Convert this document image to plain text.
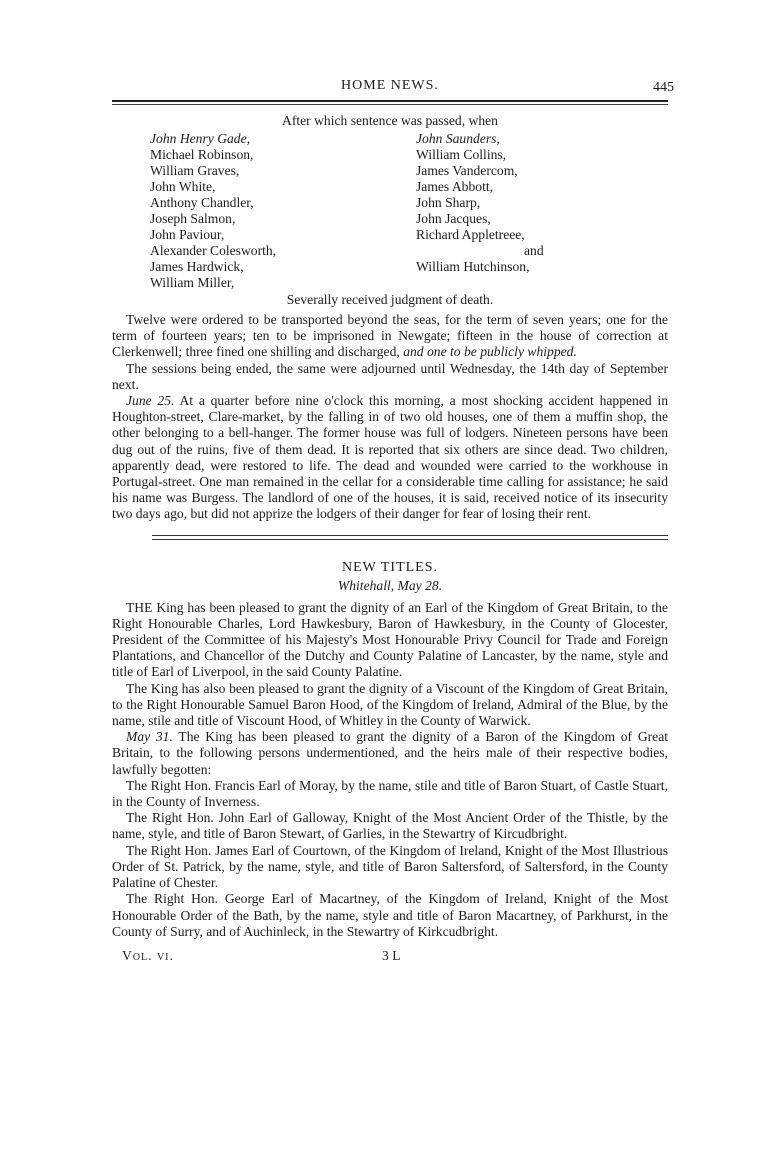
HOME NEWS.	445
After which sentence was passed, when
John Henry Gade,
Michael Robinson,
William Graves,
John White,
Anthony Chandler,
Joseph Salmon,
John Paviour,
Alexander Colesworth,
James Hardwick,
William Miller,
John Saunders,
William Collins,
James Vandercom,
James Abbott,
John Sharp,
John Jacques,
Richard Appletreee,
and
William Hutchinson,
Severally received judgment of death.

Twelve were ordered to be transported beyond the seas, for the term of seven years; one for the term of fourteen years; ten to be imprisoned in Newgate; fifteen in the house of correction at Clerkenwell; three fined one shilling and discharged, and one to be publicly whipped.

The sessions being ended, the same were adjourned until Wednesday, the 14th day of September next.

June 25. At a quarter before nine o'clock this morning, a most shocking accident happened in Houghton-street, Clare-market, by the falling in of two old houses, one of them a muffin shop, the other belonging to a bell-hanger. The former house was full of lodgers. Nineteen persons have been dug out of the ruins, five of them dead. It is reported that six others are since dead. Two children, apparently dead, were restored to life. The dead and wounded were carried to the workhouse in Portugal-street. One man remained in the cellar for a considerable time calling for assistance; he said his name was Burgess. The landlord of one of the houses, it is said, received notice of its insecurity two days ago, but did not apprize the lodgers of their danger for fear of losing their rent.

NEW TITLES.
Whitehall, May 28.

THE King has been pleased to grant the dignity of an Earl of the Kingdom of Great Britain, to the Right Honourable Charles, Lord Hawkesbury, Baron of Hawkesbury, in the County of Glocester, President of the Committee of his Majesty's Most Honourable Privy Council for Trade and Foreign Plantations, and Chancellor of the Dutchy and County Palatine of Lancaster, by the name, style and title of Earl of Liverpool, in the said County Palatine.

The King has also been pleased to grant the dignity of a Viscount of the Kingdom of Great Britain, to the Right Honourable Samuel Baron Hood, of the Kingdom of Ireland, Admiral of the Blue, by the name, stile and title of Viscount Hood, of Whitley in the County of Warwick.

May 31. The King has been pleased to grant the dignity of a Baron of the Kingdom of Great Britain, to the following persons undermentioned, and the heirs male of their respective bodies, lawfully begotten:

The Right Hon. Francis Earl of Moray, by the name, stile and title of Baron Stuart, of Castle Stuart, in the County of Inverness.

The Right Hon. John Earl of Galloway, Knight of the Most Ancient Order of the Thistle, by the name, style, and title of Baron Stewart, of Garlies, in the Stewartry of Kircudbright.

The Right Hon. James Earl of Courtown, of the Kingdom of Ireland, Knight of the Most Illustrious Order of St. Patrick, by the name, style, and title of Baron Saltersford, of Saltersford, in the County Palatine of Chester.

The Right Hon. George Earl of Macartney, of the Kingdom of Ireland, Knight of the Most Honourable Order of the Bath, by the name, style and title of Baron Macartney, of Parkhurst, in the County of Surry, and of Auchinleck, in the Stewartry of Kirkcudbright.

Vol. vi.	3 L
